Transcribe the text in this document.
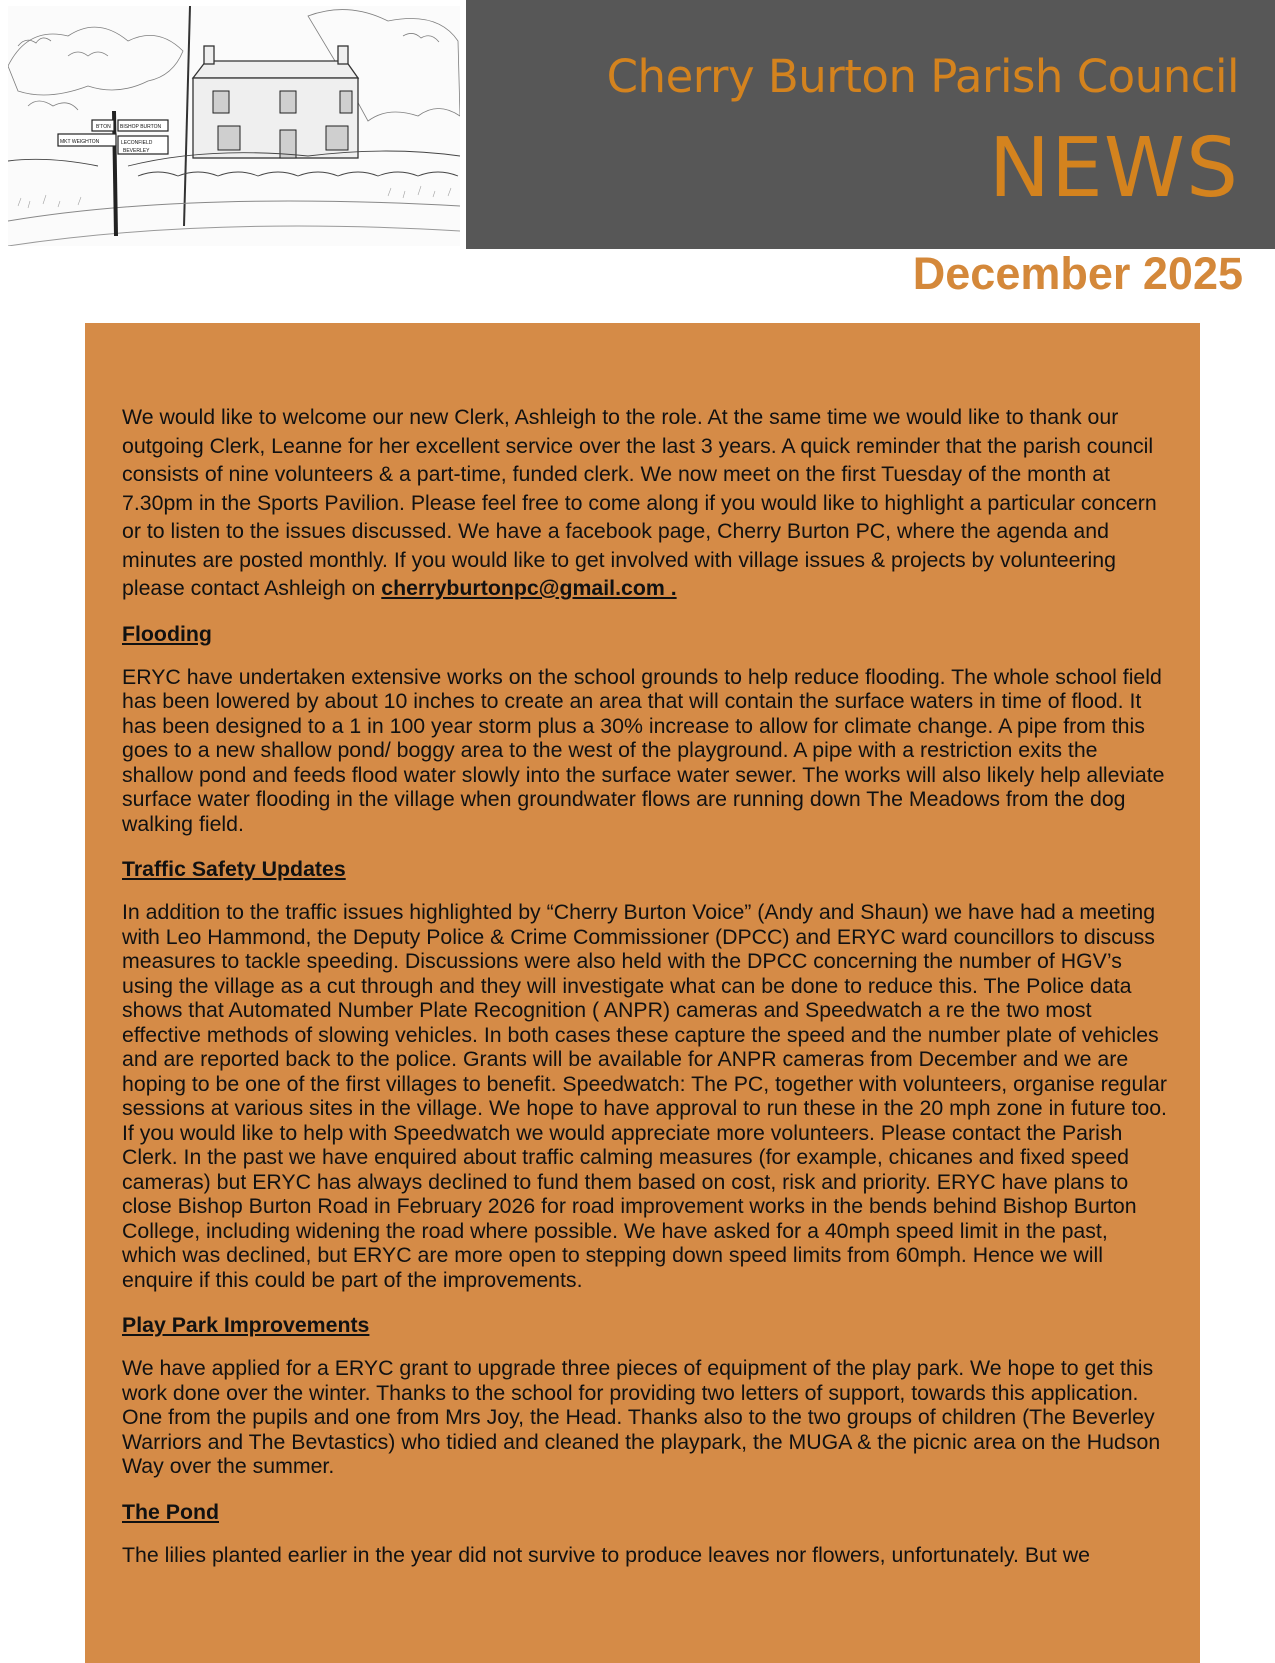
MKT WEIGHTON
B'TON BISHOP BURTON
LECONFIELD
BEVERLEY
Cherry Burton Parish Council
NEWS
December 2025

We would like to welcome our new Clerk, Ashleigh to the role. At the same time we would like to thank our outgoing Clerk, Leanne for her excellent service over the last 3 years. A quick reminder that the parish council consists of nine volunteers & a part-time, funded clerk. We now meet on the first Tuesday of the month at 7.30pm in the Sports Pavilion. Please feel free to come along if you would like to highlight a particular concern or to listen to the issues discussed. We have a facebook page, Cherry Burton PC, where the agenda and minutes are posted monthly. If you would like to get involved with village issues & projects by volunteering please contact Ashleigh on cherryburtonpc@gmail.com .

Flooding

ERYC have undertaken extensive works on the school grounds to help reduce flooding. The whole school field has been lowered by about 10 inches to create an area that will contain the surface waters in time of flood. It has been designed to a 1 in 100 year storm plus a 30% increase to allow for climate change. A pipe from this goes to a new shallow pond/ boggy area to the west of the playground. A pipe with a restriction exits the shallow pond and feeds flood water slowly into the surface water sewer. The works will also likely help alleviate surface water flooding in the village when groundwater flows are running down The Meadows from the dog walking field.

Traffic Safety Updates

In addition to the traffic issues highlighted by “Cherry Burton Voice” (Andy and Shaun) we have had a meeting with Leo Hammond, the Deputy Police & Crime Commissioner (DPCC) and ERYC ward councillors to discuss measures to tackle speeding. Discussions were also held with the DPCC concerning the number of HGV’s using the village as a cut through and they will investigate what can be done to reduce this. The Police data shows that Automated Number Plate Recognition ( ANPR) cameras and Speedwatch a re the two most effective methods of slowing vehicles. In both cases these capture the speed and the number plate of vehicles and are reported back to the police. Grants will be available for ANPR cameras from December and we are hoping to be one of the first villages to benefit. Speedwatch: The PC, together with volunteers, organise regular sessions at various sites in the village. We hope to have approval to run these in the 20 mph zone in future too. If you would like to help with Speedwatch we would appreciate more volunteers. Please contact the Parish Clerk. In the past we have enquired about traffic calming measures (for example, chicanes and fixed speed cameras) but ERYC has always declined to fund them based on cost, risk and priority. ERYC have plans to close Bishop Burton Road in February 2026 for road improvement works in the bends behind Bishop Burton College, including widening the road where possible. We have asked for a 40mph speed limit in the past, which was declined, but ERYC are more open to stepping down speed limits from 60mph. Hence we will enquire if this could be part of the improvements.

Play Park Improvements

We have applied for a ERYC grant to upgrade three pieces of equipment of the play park. We hope to get this work done over the winter. Thanks to the school for providing two letters of support, towards this application. One from the pupils and one from Mrs Joy, the Head. Thanks also to the two groups of children (The Beverley Warriors and The Bevtastics) who tidied and cleaned the playpark, the MUGA & the picnic area on the Hudson Way over the summer.

The Pond

The lilies planted earlier in the year did not survive to produce leaves nor flowers, unfortunately. But we
